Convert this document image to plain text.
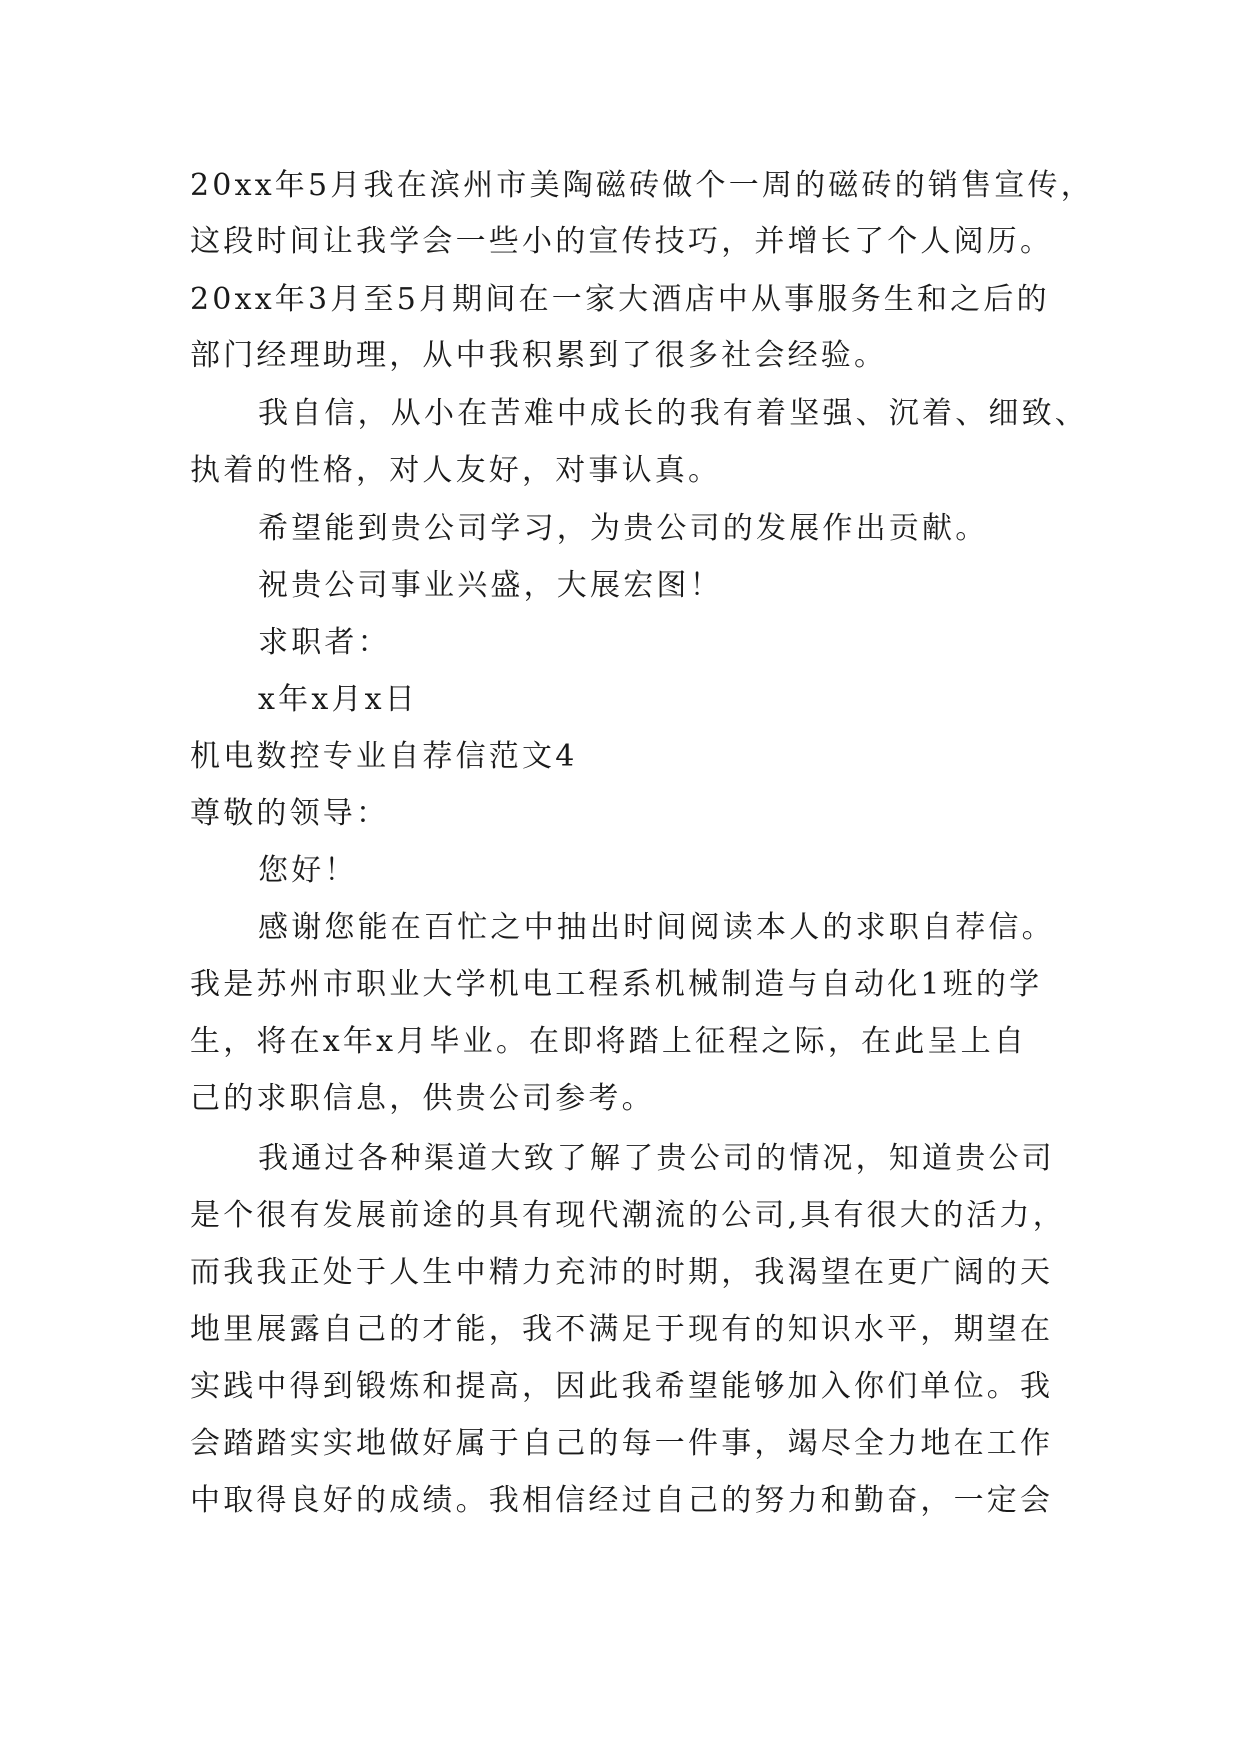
20xx年5月我在滨州市美陶磁砖做个一周的磁砖的销售宣传，
这段时间让我学会一些小的宣传技巧，并增长了个人阅历。
20xx年3月至5月期间在一家大酒店中从事服务生和之后的
部门经理助理，从中我积累到了很多社会经验。
我自信，从小在苦难中成长的我有着坚强、沉着、细致、
执着的性格，对人友好，对事认真。
希望能到贵公司学习，为贵公司的发展作出贡献。
祝贵公司事业兴盛，大展宏图！
求职者：
x年x月x日
机电数控专业自荐信范文4
尊敬的领导：
您好！
感谢您能在百忙之中抽出时间阅读本人的求职自荐信。
我是苏州市职业大学机电工程系机械制造与自动化1班的学
生，将在x年x月毕业。在即将踏上征程之际，在此呈上自
己的求职信息，供贵公司参考。
我通过各种渠道大致了解了贵公司的情况，知道贵公司
是个很有发展前途的具有现代潮流的公司,具有很大的活力，
而我我正处于人生中精力充沛的时期，我渴望在更广阔的天
地里展露自己的才能，我不满足于现有的知识水平，期望在
实践中得到锻炼和提高，因此我希望能够加入你们单位。我
会踏踏实实地做好属于自己的每一件事，竭尽全力地在工作
中取得良好的成绩。我相信经过自己的努力和勤奋，一定会
